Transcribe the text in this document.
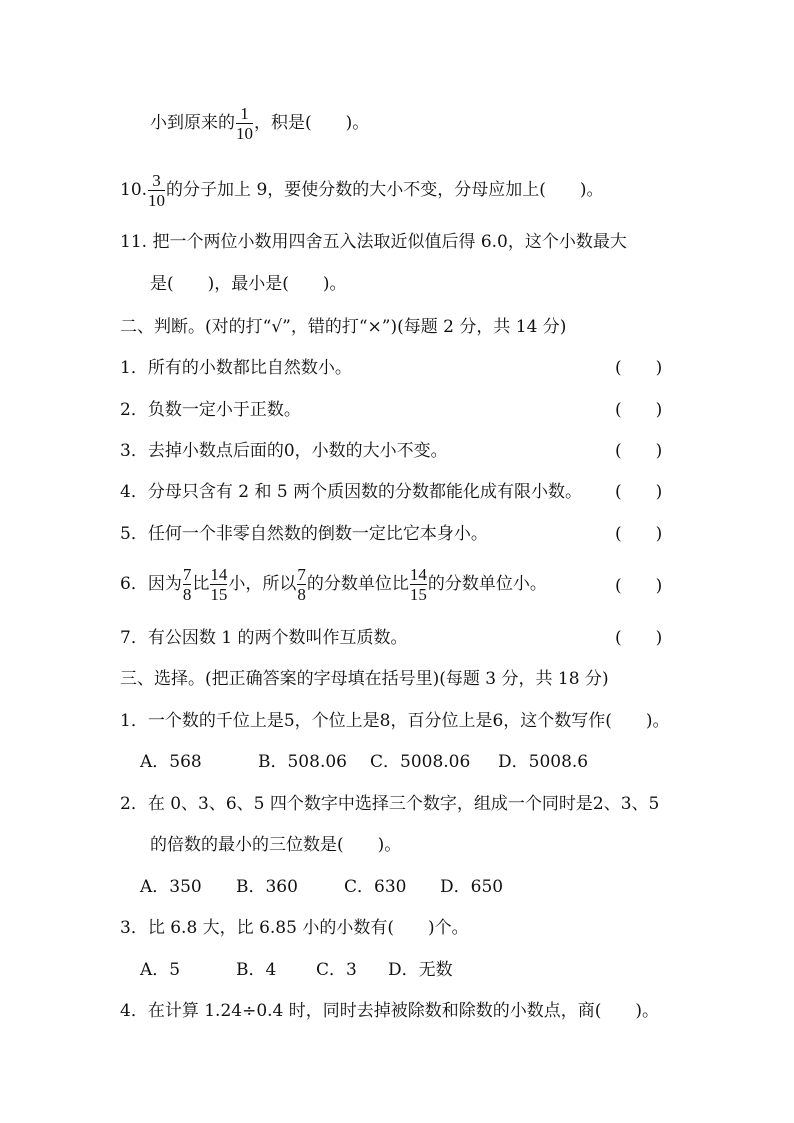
小到原来的 $\frac{1}{10}$ ，积是(　　)。
10. $\frac{3}{10}$ 的分子加上 9，要使分数的大小不变，分母应加上(　　)。
11. 把一个两位小数用四舍五入法取近似值后得 6.0，这个小数最大
是(　　)，最小是(　　)。
二、判断。(对的打“√”，错的打“×”)(每题 2 分，共 14 分)
1．所有的小数都比自然数小。	(　　)
2．负数一定小于正数。	(　　)
3．去掉小数点后面的0，小数的大小不变。	(　　)
4．分母只含有 2 和 5 两个质因数的分数都能化成有限小数。 (　　)
5．任何一个非零自然数的倒数一定比它本身小。	(　　)
6．因为 $\frac{7}{8}$ 比 $\frac{14}{15}$ 小，所以 $\frac{7}{8}$ 的分数单位比 $\frac{14}{15}$ 的分数单位小。	(　　)
7．有公因数 1 的两个数叫作互质数。	(　　)
三、选择。(把正确答案的字母填在括号里)(每题 3 分，共 18 分)
1．一个数的千位上是5，个位上是8，百分位上是6，这个数写作(　　)。
A．568	B．508.06 C．5008.06 D．5008.6
2．在 0、3、6、5 四个数字中选择三个数字，组成一个同时是2、3、5
的倍数的最小的三位数是(　　)。
A．350 B．360	C．630 D．650
3．比 6.8 大，比 6.85 小的小数有(　　)个。
A．5	B．4 C．3 D．无数
4．在计算 1.24÷0.4 时，同时去掉被除数和除数的小数点，商(　　)。
